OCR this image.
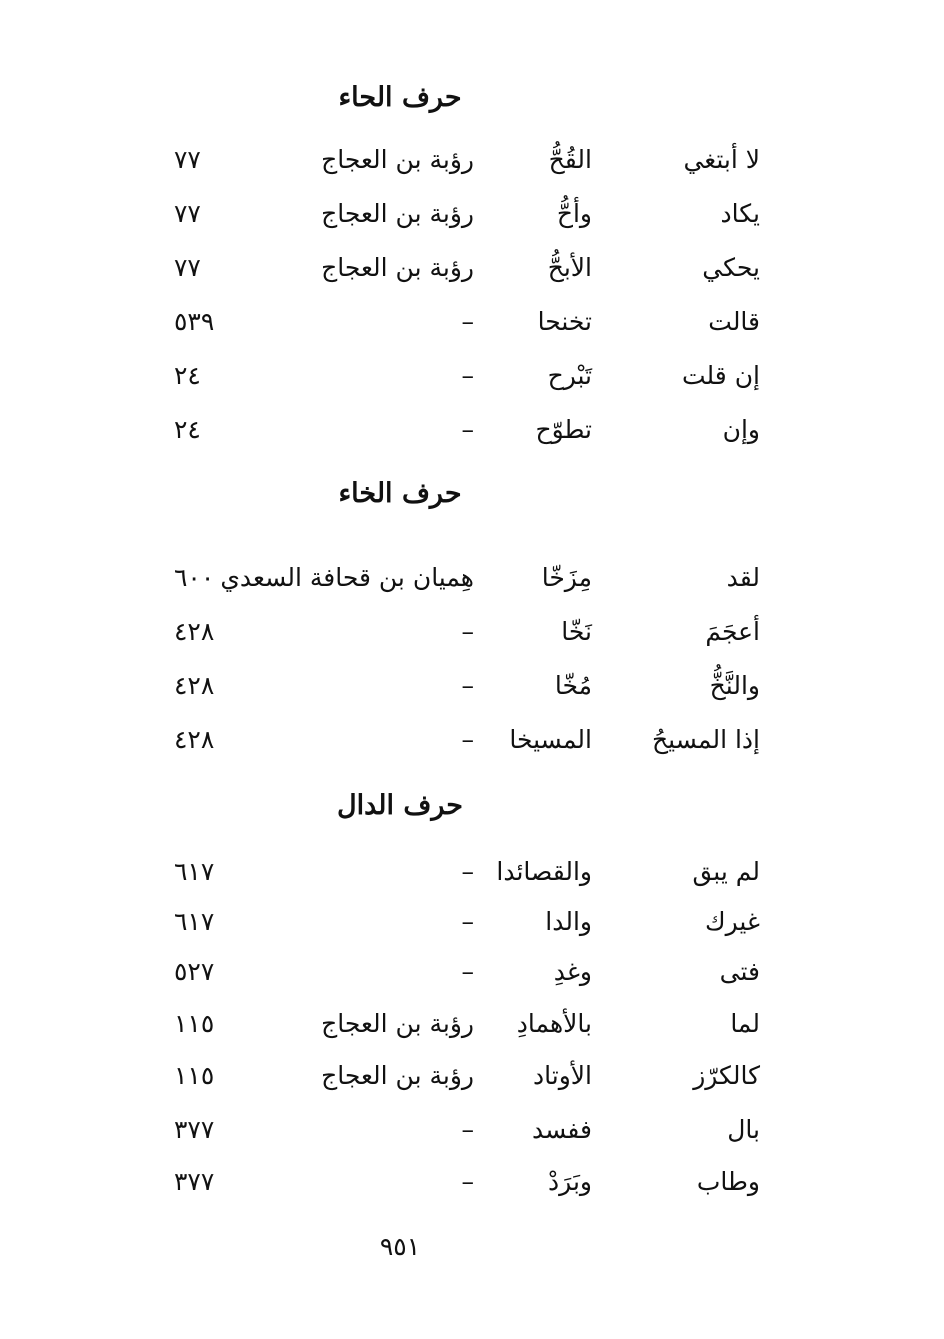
حرف الحاء
لا أبتغي
القُحُّ
رؤبة بن العجاج
٧٧
يكاد
وأحُّ
رؤبة بن العجاج
٧٧
يحكي
الأبحُّ
رؤبة بن العجاج
٧٧
قالت
تخنحا
–
٥٣٩
إن قلت
تَبْرح
–
٢٤
وإن
تطوّح
–
٢٤
حرف الخاء
لقد
مِزَخّا
هِميان بن قحافة السعدي
٦٠٠
أعجَمَ
نَخّا
–
٤٢٨
والنَّخُّ
مُخّا
–
٤٢٨
إذا المسيحُ
المسيخا
–
٤٢٨
حرف الدال
لم يبق
والقصائدا
–
٦١٧
غيرك
والدا
–
٦١٧
فتى
وغدِ
–
٥٢٧
لما
بالأهمادِ
رؤبة بن العجاج
١١٥
كالكرّز
الأوتاد
رؤبة بن العجاج
١١٥
بال
ففسد
–
٣٧٧
وطاب
وبَرَدْ
–
٣٧٧
٩٥١
